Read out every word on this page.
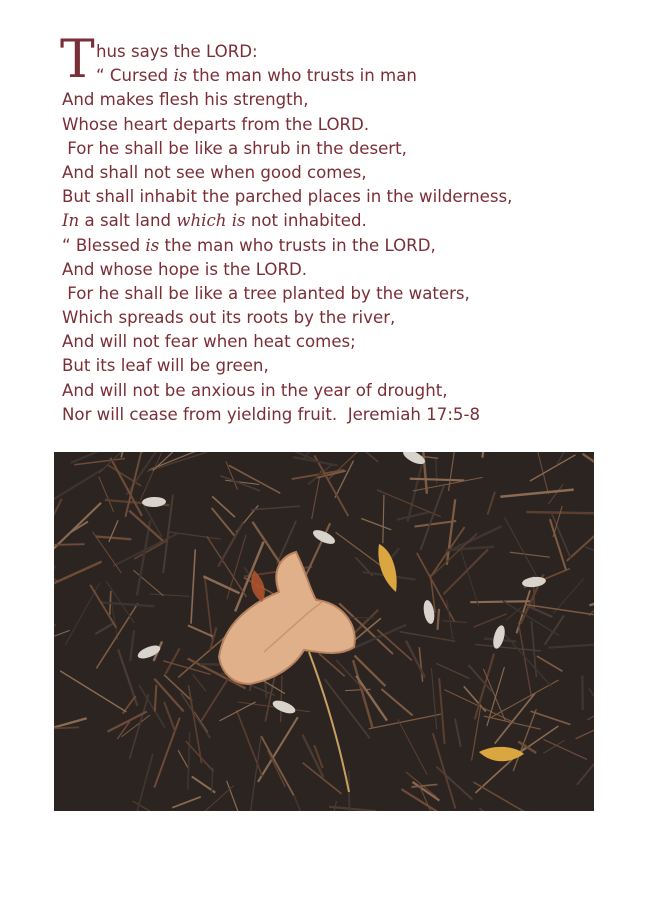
T hus says the LORD:
“ Cursed is the man who trusts in man
And makes flesh his strength,
Whose heart departs from the LORD.
For he shall be like a shrub in the desert,
And shall not see when good comes,
But shall inhabit the parched places in the wilderness,
In a salt land which is not inhabited.
“ Blessed is the man who trusts in the LORD,
And whose hope is the LORD.
For he shall be like a tree planted by the waters,
Which spreads out its roots by the river,
And will not fear when heat comes;
But its leaf will be green,
And will not be anxious in the year of drought,
Nor will cease from yielding fruit.  Jeremiah 17:5-8
